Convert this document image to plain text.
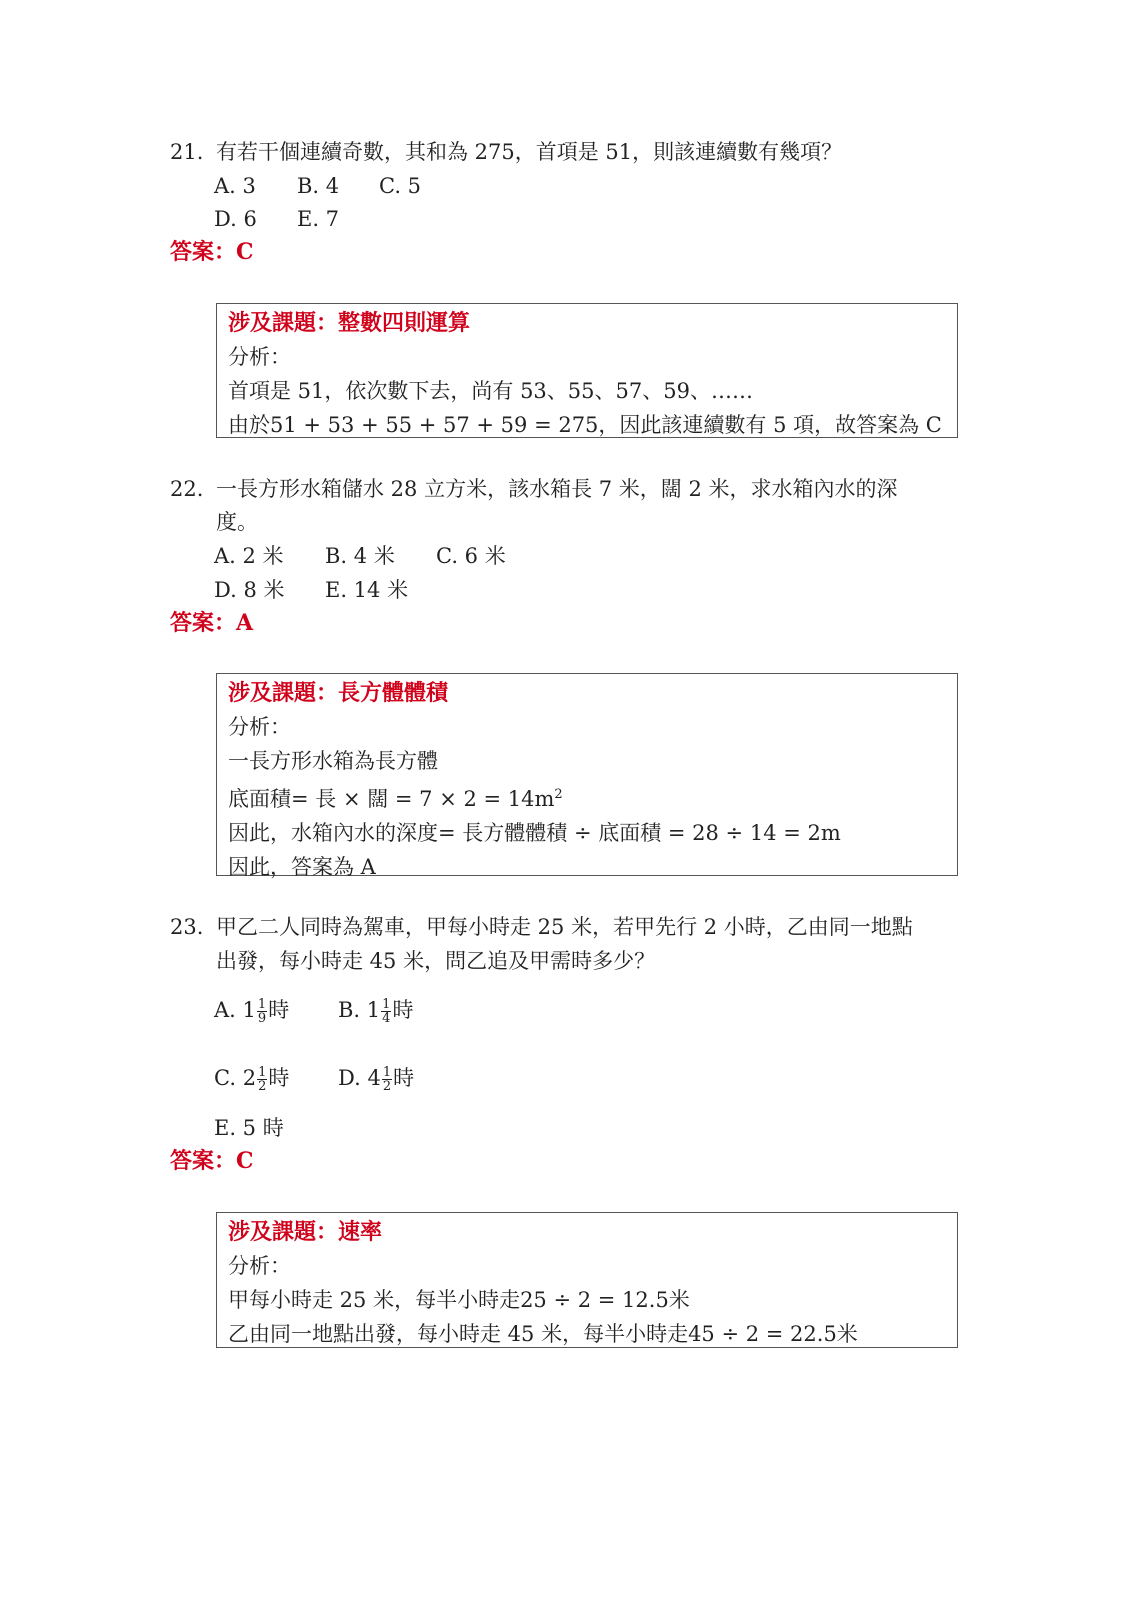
21. 有若干個連續奇數，其和為 275，首項是 51，則該連續數有幾項？
A. 3 B. 4 C. 5
D. 6 E. 7
答案：C
涉及課題：整數四則運算
分析：
首項是 51，依次數下去，尚有 53、55、57、59、……
由於51 + 53 + 55 + 57 + 59 = 275，因此該連續數有 5 項，故答案為 C
22. 一長方形水箱儲水 28 立方米，該水箱長 7 米，闊 2 米，求水箱內水的深
度。
A. 2 米 B. 4 米 C. 6 米
D. 8 米 E. 14 米
答案：A
涉及課題：長方體體積
分析：
一長方形水箱為長方體
底面積= 長 × 闊 = $7 \times 2 = 14m^2$
因此，水箱內水的深度= 長方體體積 ÷ 底面積 = 28 ÷ 14 = 2m
因此，答案為 A
23. 甲乙二人同時為駕車，甲每小時走 25 米，若甲先行 2 小時，乙由同一地點
出發，每小時走 45 米，問乙追及甲需時多少？
A. $1 \frac{1}{9}$ 時 B. $1 \frac{1}{4}$ 時
C. $2 \frac{1}{2}$ 時 D. $4 \frac{1}{2}$ 時
E. 5 時
答案：C
涉及課題：速率
分析：
甲每小時走 25 米，每半小時走25 ÷ 2 = 12.5米
乙由同一地點出發，每小時走 45 米，每半小時走45 ÷ 2 = 22.5米
